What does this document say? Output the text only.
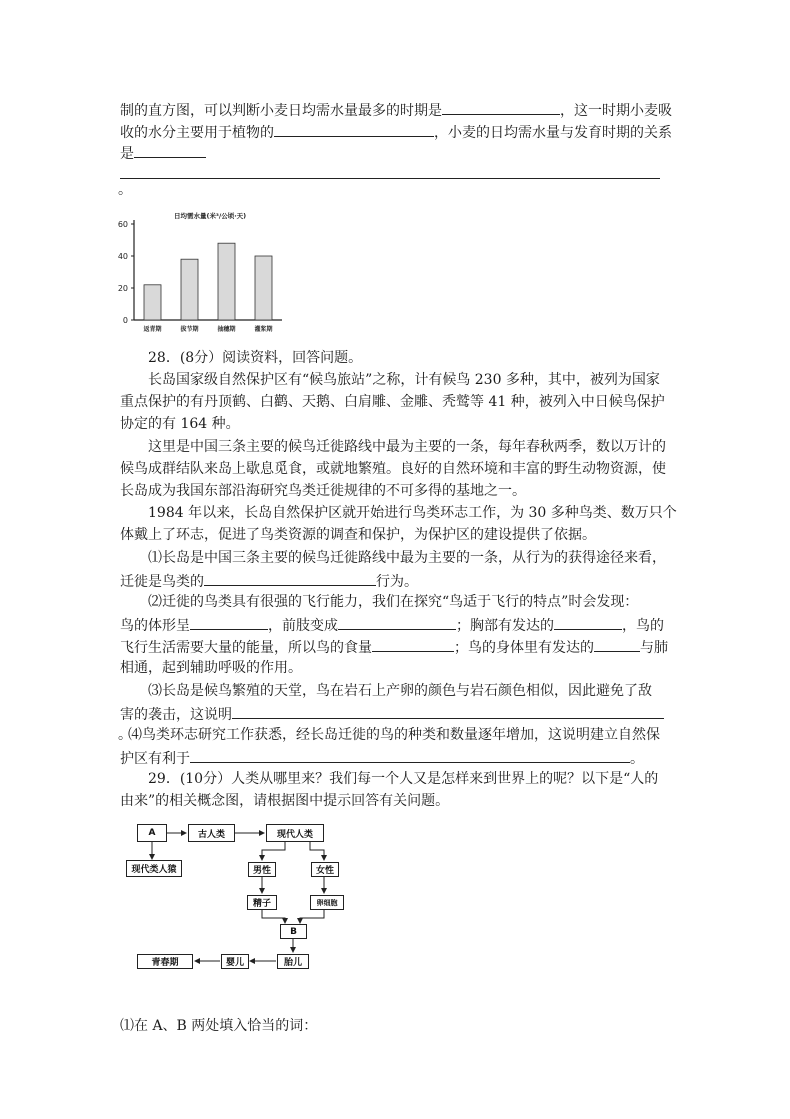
制的直方图，可以判断小麦日均需水量最多的时期是	，这一时期小麦吸
收的水分主要用于植物的	，小麦的日均需水量与发育时期的关系
是
。
日均需水量(米³/公顷·天)
0
20
40
60
返青期	拔节期	抽穗期	灌浆期
28．(8分）阅读资料，回答问题。
长岛国家级自然保护区有“候鸟旅站”之称，计有候鸟 230 多种，其中，被列为国家
重点保护的有丹顶鹤、白鹳、天鹅、白肩雕、金雕、秃鹫等 41 种，被列入中日候鸟保护
协定的有 164 种。
这里是中国三条主要的候鸟迁徙路线中最为主要的一条，每年春秋两季，数以万计的
候鸟成群结队来岛上歇息觅食，或就地繁殖。良好的自然环境和丰富的野生动物资源，使
长岛成为我国东部沿海研究鸟类迁徙规律的不可多得的基地之一。
1984 年以来，长岛自然保护区就开始进行鸟类环志工作，为 30 多种鸟类、数万只个
体戴上了环志，促进了鸟类资源的调查和保护，为保护区的建设提供了依据。
⑴长岛是中国三条主要的候鸟迁徙路线中最为主要的一条，从行为的获得途径来看，
迁徙是鸟类的	行为。
⑵迁徙的鸟类具有很强的飞行能力，我们在探究“鸟适于飞行的特点”时会发现：
鸟的体形呈	，前肢变成	；胸部有发达的	，鸟的
飞行生活需要大量的能量，所以鸟的食量	；鸟的身体里有发达的	与肺
相通，起到辅助呼吸的作用。
⑶长岛是候鸟繁殖的天堂，鸟在岩石上产卵的颜色与岩石颜色相似，因此避免了敌
害的袭击，这说明
。
⑷鸟类环志研究工作获悉，经长岛迁徙的鸟的种类和数量逐年增加，这说明建立自然保
护区有利于	。
29．(10分）人类从哪里来？我们每一个人又是怎样来到世界上的呢？以下是“人的
由来”的相关概念图，请根据图中提示回答有关问题。
A	古人类	现代人类
现代类人猿	男性	女性
精子	卵细胞
B
胎儿
婴儿
青春期
⑴在 A、B 两处填入恰当的词：
